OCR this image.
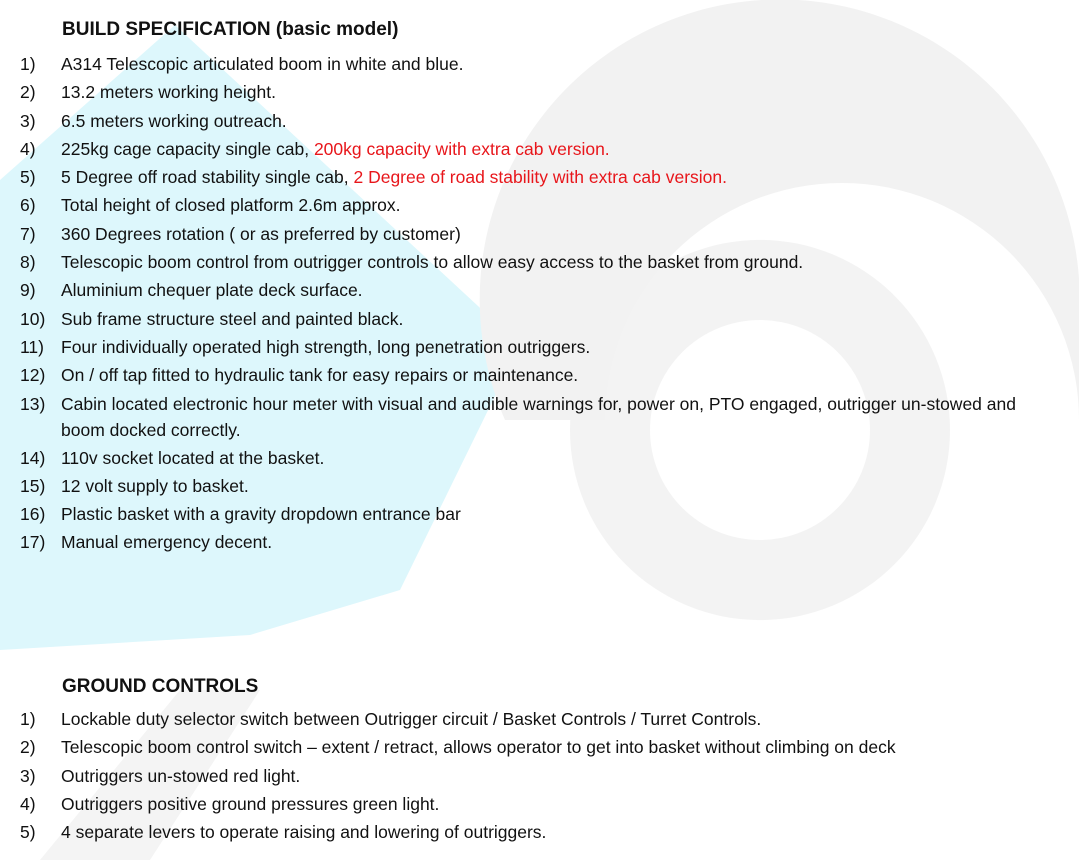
BUILD SPECIFICATION (basic model)
1) A314 Telescopic articulated boom in white and blue.
2) 13.2 meters working height.
3) 6.5 meters working outreach.
4) 225kg cage capacity single cab, 200kg capacity with extra cab version.
5) 5 Degree off road stability single cab, 2 Degree of road stability with extra cab version.
6) Total height of closed platform 2.6m approx.
7) 360 Degrees rotation ( or as preferred by customer)
8) Telescopic boom control from outrigger controls to allow easy access to the basket from ground.
9) Aluminium chequer plate deck surface.
10) Sub frame structure steel and painted black.
11) Four individually operated high strength, long penetration outriggers.
12) On / off tap fitted to hydraulic tank for easy repairs or maintenance.
13) Cabin located electronic hour meter with visual and audible warnings for, power on, PTO engaged, outrigger un-stowed and boom docked correctly.
14) 110v socket located at the basket.
15) 12 volt supply to basket.
16) Plastic basket with a gravity dropdown entrance bar
17) Manual emergency decent.
GROUND CONTROLS
1) Lockable duty selector switch between Outrigger circuit / Basket Controls / Turret Controls.
2) Telescopic boom control switch – extent / retract, allows operator to get into basket without climbing on deck
3) Outriggers un-stowed red light.
4) Outriggers positive ground pressures green light.
5) 4 separate levers to operate raising and lowering of outriggers.
